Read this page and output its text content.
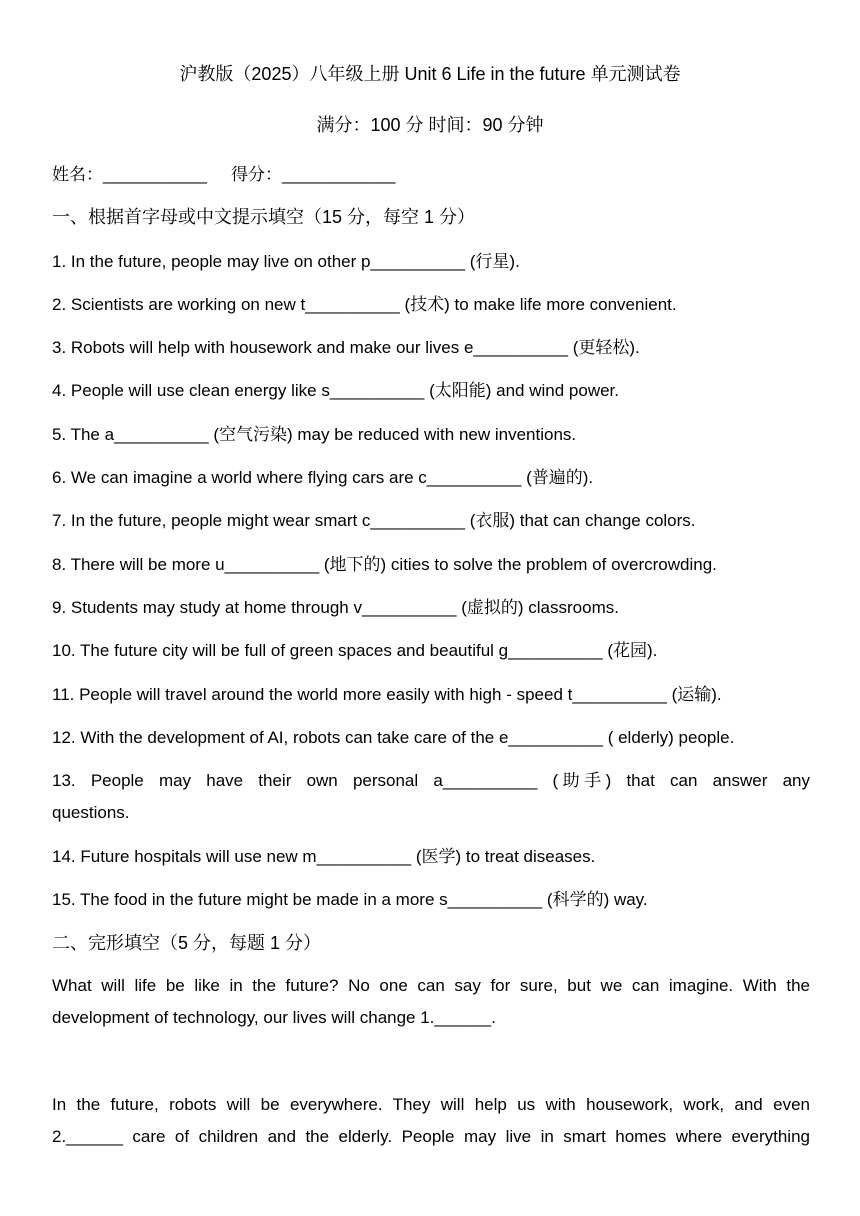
沪教版（2025）八年级上册 Unit 6 Life in the future 单元测试卷
满分：100 分 时间：90 分钟
姓名：___________ 得分：____________
一、根据首字母或中文提示填空（15 分，每空 1 分）
1. In the future, people may live on other p__________ (行星).
2. Scientists are working on new t__________ (技术) to make life more convenient.
3. Robots will help with housework and make our lives e__________ (更轻松).
4. People will use clean energy like s__________ (太阳能) and wind power.
5. The a__________ (空气污染) may be reduced with new inventions.
6. We can imagine a world where flying cars are c__________ (普遍的).
7. In the future, people might wear smart c__________ (衣服) that can change colors.
8. There will be more u__________ (地下的) cities to solve the problem of overcrowding.
9. Students may study at home through v__________ (虚拟的) classrooms.
10. The future city will be full of green spaces and beautiful g__________ (花园).
11. People will travel around the world more easily with high - speed t__________ (运输).
12. With the development of AI, robots can take care of the e__________ ( elderly) people.
13. People may have their own personal a__________ (助手) that can answer any
questions.
14. Future hospitals will use new m__________ (医学) to treat diseases.
15. The food in the future might be made in a more s__________ (科学的) way.
二、完形填空（5 分，每题 1 分）
What will life be like in the future? No one can say for sure, but we can imagine. With the
development of technology, our lives will change 1.______.
In the future, robots will be everywhere. They will help us with housework, work, and even
2.______ care of children and the elderly. People may live in smart homes where everything
